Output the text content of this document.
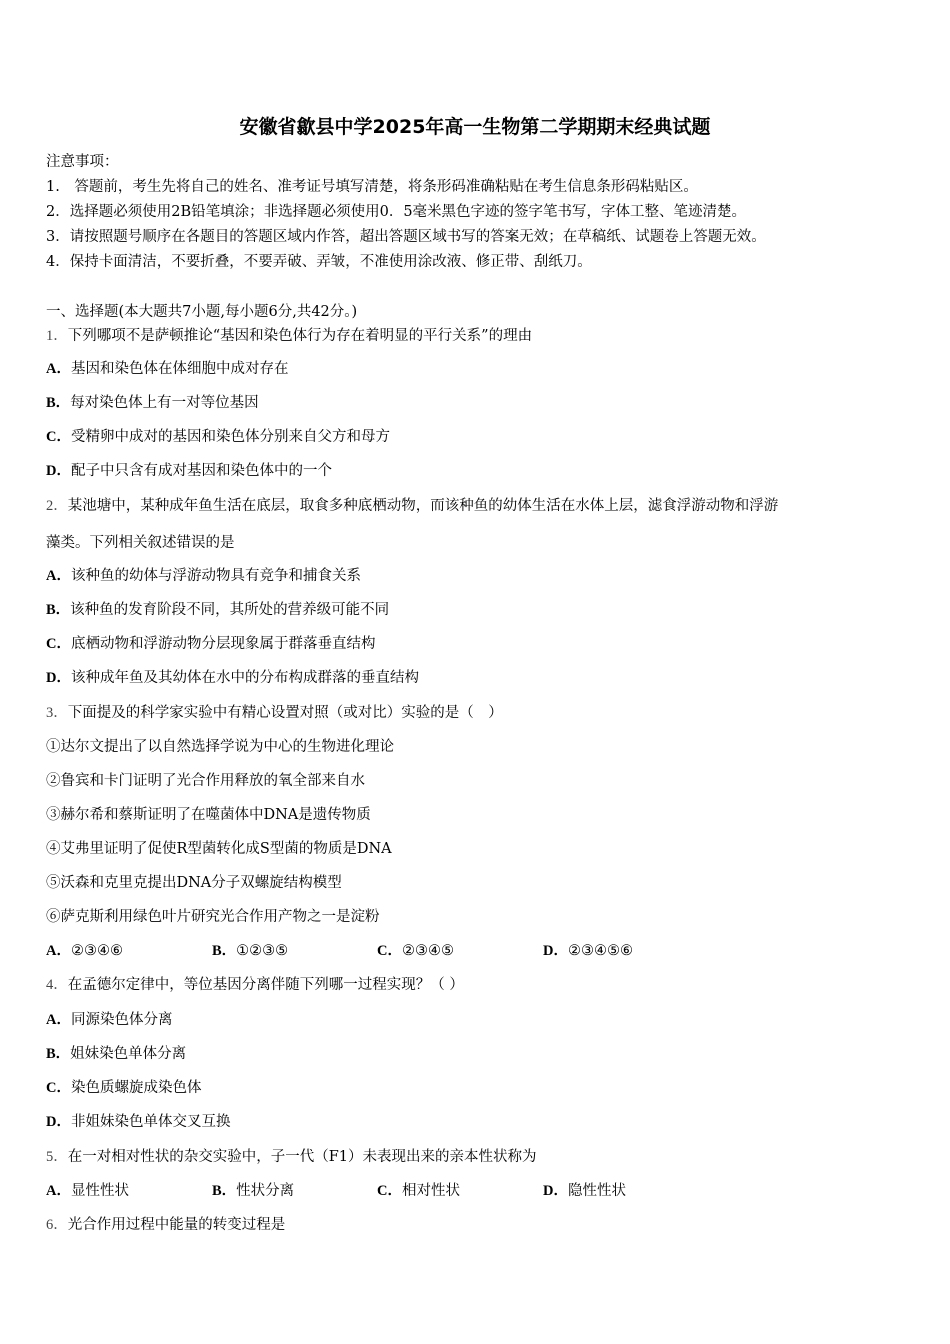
安徽省歙县中学2025年高一生物第二学期期末经典试题
注意事项：
1.　答题前，考生先将自己的姓名、准考证号填写清楚，将条形码准确粘贴在考生信息条形码粘贴区。
2．选择题必须使用2B铅笔填涂；非选择题必须使用0．5毫米黑色字迹的签字笔书写，字体工整、笔迹清楚。
3．请按照题号顺序在各题目的答题区域内作答，超出答题区域书写的答案无效；在草稿纸、试题卷上答题无效。
4．保持卡面清洁，不要折叠，不要弄破、弄皱，不准使用涂改液、修正带、刮纸刀。
一、选择题(本大题共7小题,每小题6分,共42分。)
1．下列哪项不是萨顿推论“基因和染色体行为存在着明显的平行关系”的理由
A．基因和染色体在体细胞中成对存在
B．每对染色体上有一对等位基因
C．受精卵中成对的基因和染色体分别来自父方和母方
D．配子中只含有成对基因和染色体中的一个
2．某池塘中，某种成年鱼生活在底层，取食多种底栖动物，而该种鱼的幼体生活在水体上层，滤食浮游动物和浮游
藻类。下列相关叙述错误的是
A．该种鱼的幼体与浮游动物具有竞争和捕食关系
B．该种鱼的发育阶段不同，其所处的营养级可能不同
C．底栖动物和浮游动物分层现象属于群落垂直结构
D．该种成年鱼及其幼体在水中的分布构成群落的垂直结构
3．下面提及的科学家实验中有精心设置对照（或对比）实验的是（　）
①达尔文提出了以自然选择学说为中心的生物进化理论
②鲁宾和卡门证明了光合作用释放的氧全部来自水
③赫尔希和蔡斯证明了在噬菌体中DNA是遗传物质
④艾弗里证明了促使R型菌转化成S型菌的物质是DNA
⑤沃森和克里克提出DNA分子双螺旋结构模型
⑥萨克斯利用绿色叶片研究光合作用产物之一是淀粉
A．②③④⑥	B．①②③⑤	C．②③④⑤	D．②③④⑤⑥
4．在孟德尔定律中，等位基因分离伴随下列哪一过程实现？（ ）
A．同源染色体分离
B．姐妹染色单体分离
C．染色质螺旋成染色体
D．非姐妹染色单体交叉互换
5．在一对相对性状的杂交实验中，子一代（F1）未表现出来的亲本性状称为
A．显性性状	B．性状分离	C．相对性状	D．隐性性状
6．光合作用过程中能量的转变过程是
